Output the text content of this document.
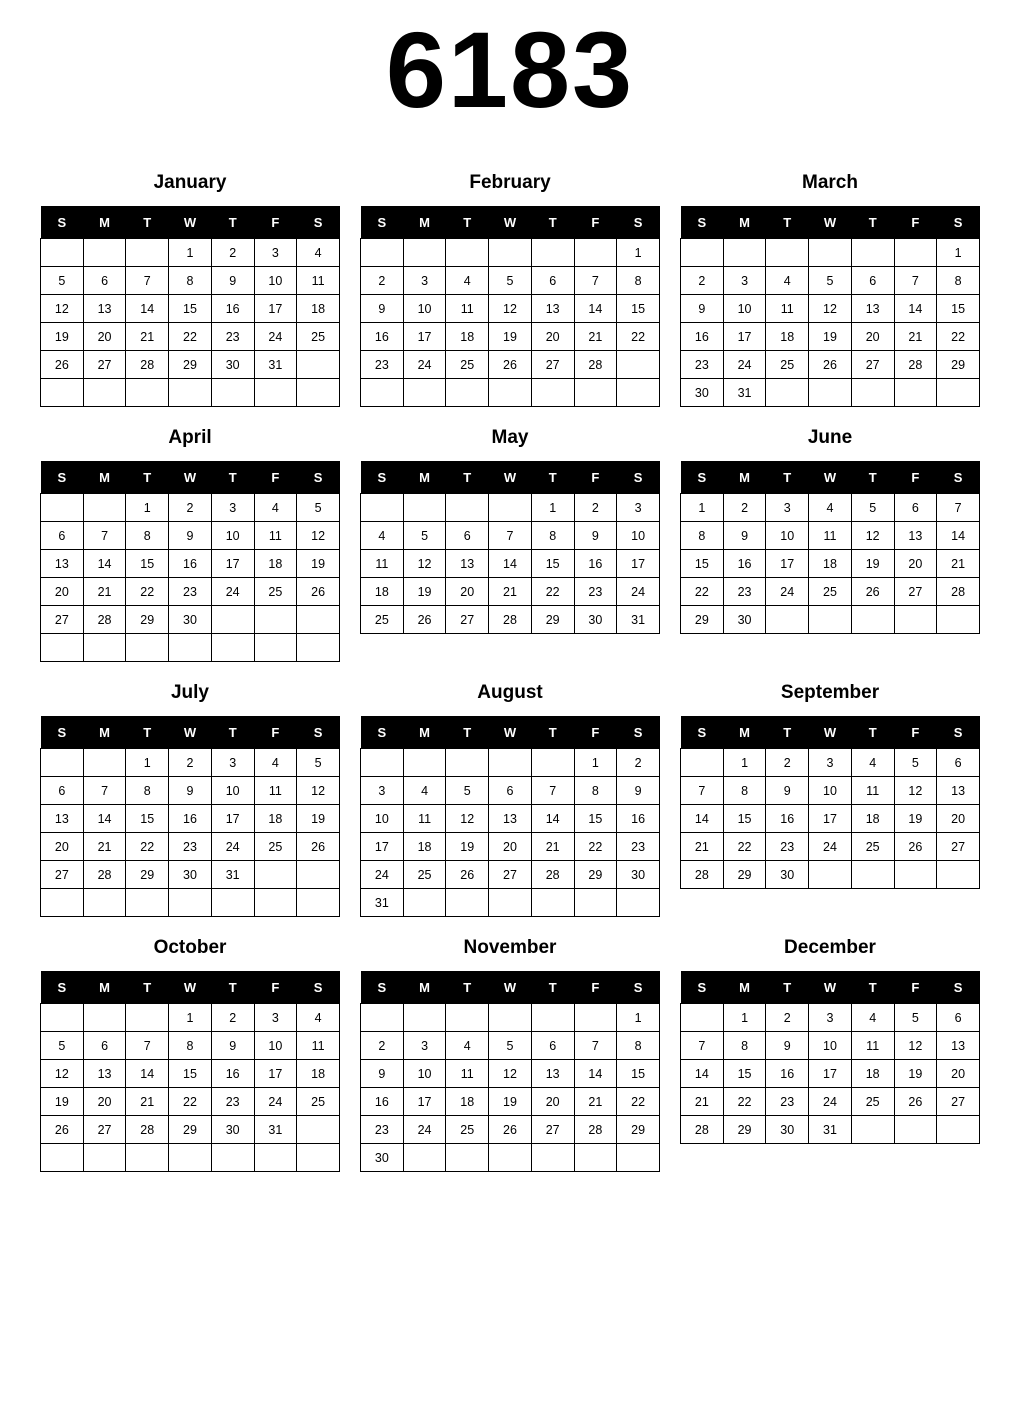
6183
January
S	M	T	W	T	F	S
			1	2	3	4
5	6	7	8	9	10	11
12	13	14	15	16	17	18
19	20	21	22	23	24	25
26	27	28	29	30	31	

February
S	M	T	W	T	F	S
						1
2	3	4	5	6	7	8
9	10	11	12	13	14	15
16	17	18	19	20	21	22
23	24	25	26	27	28	

March
S	M	T	W	T	F	S
						1
2	3	4	5	6	7	8
9	10	11	12	13	14	15
16	17	18	19	20	21	22
23	24	25	26	27	28	29
30	31					
April
S	M	T	W	T	F	S
		1	2	3	4	5
6	7	8	9	10	11	12
13	14	15	16	17	18	19
20	21	22	23	24	25	26
27	28	29	30			

May
S	M	T	W	T	F	S
				1	2	3
4	5	6	7	8	9	10
11	12	13	14	15	16	17
18	19	20	21	22	23	24
25	26	27	28	29	30	31
June
S	M	T	W	T	F	S
1	2	3	4	5	6	7
8	9	10	11	12	13	14
15	16	17	18	19	20	21
22	23	24	25	26	27	28
29	30					
July
S	M	T	W	T	F	S
		1	2	3	4	5
6	7	8	9	10	11	12
13	14	15	16	17	18	19
20	21	22	23	24	25	26
27	28	29	30	31		

August
S	M	T	W	T	F	S
					1	2
3	4	5	6	7	8	9
10	11	12	13	14	15	16
17	18	19	20	21	22	23
24	25	26	27	28	29	30
31						
September
S	M	T	W	T	F	S
	1	2	3	4	5	6
7	8	9	10	11	12	13
14	15	16	17	18	19	20
21	22	23	24	25	26	27
28	29	30				
October
S	M	T	W	T	F	S
			1	2	3	4
5	6	7	8	9	10	11
12	13	14	15	16	17	18
19	20	21	22	23	24	25
26	27	28	29	30	31	

November
S	M	T	W	T	F	S
						1
2	3	4	5	6	7	8
9	10	11	12	13	14	15
16	17	18	19	20	21	22
23	24	25	26	27	28	29
30						
December
S	M	T	W	T	F	S
	1	2	3	4	5	6
7	8	9	10	11	12	13
14	15	16	17	18	19	20
21	22	23	24	25	26	27
28	29	30	31			
